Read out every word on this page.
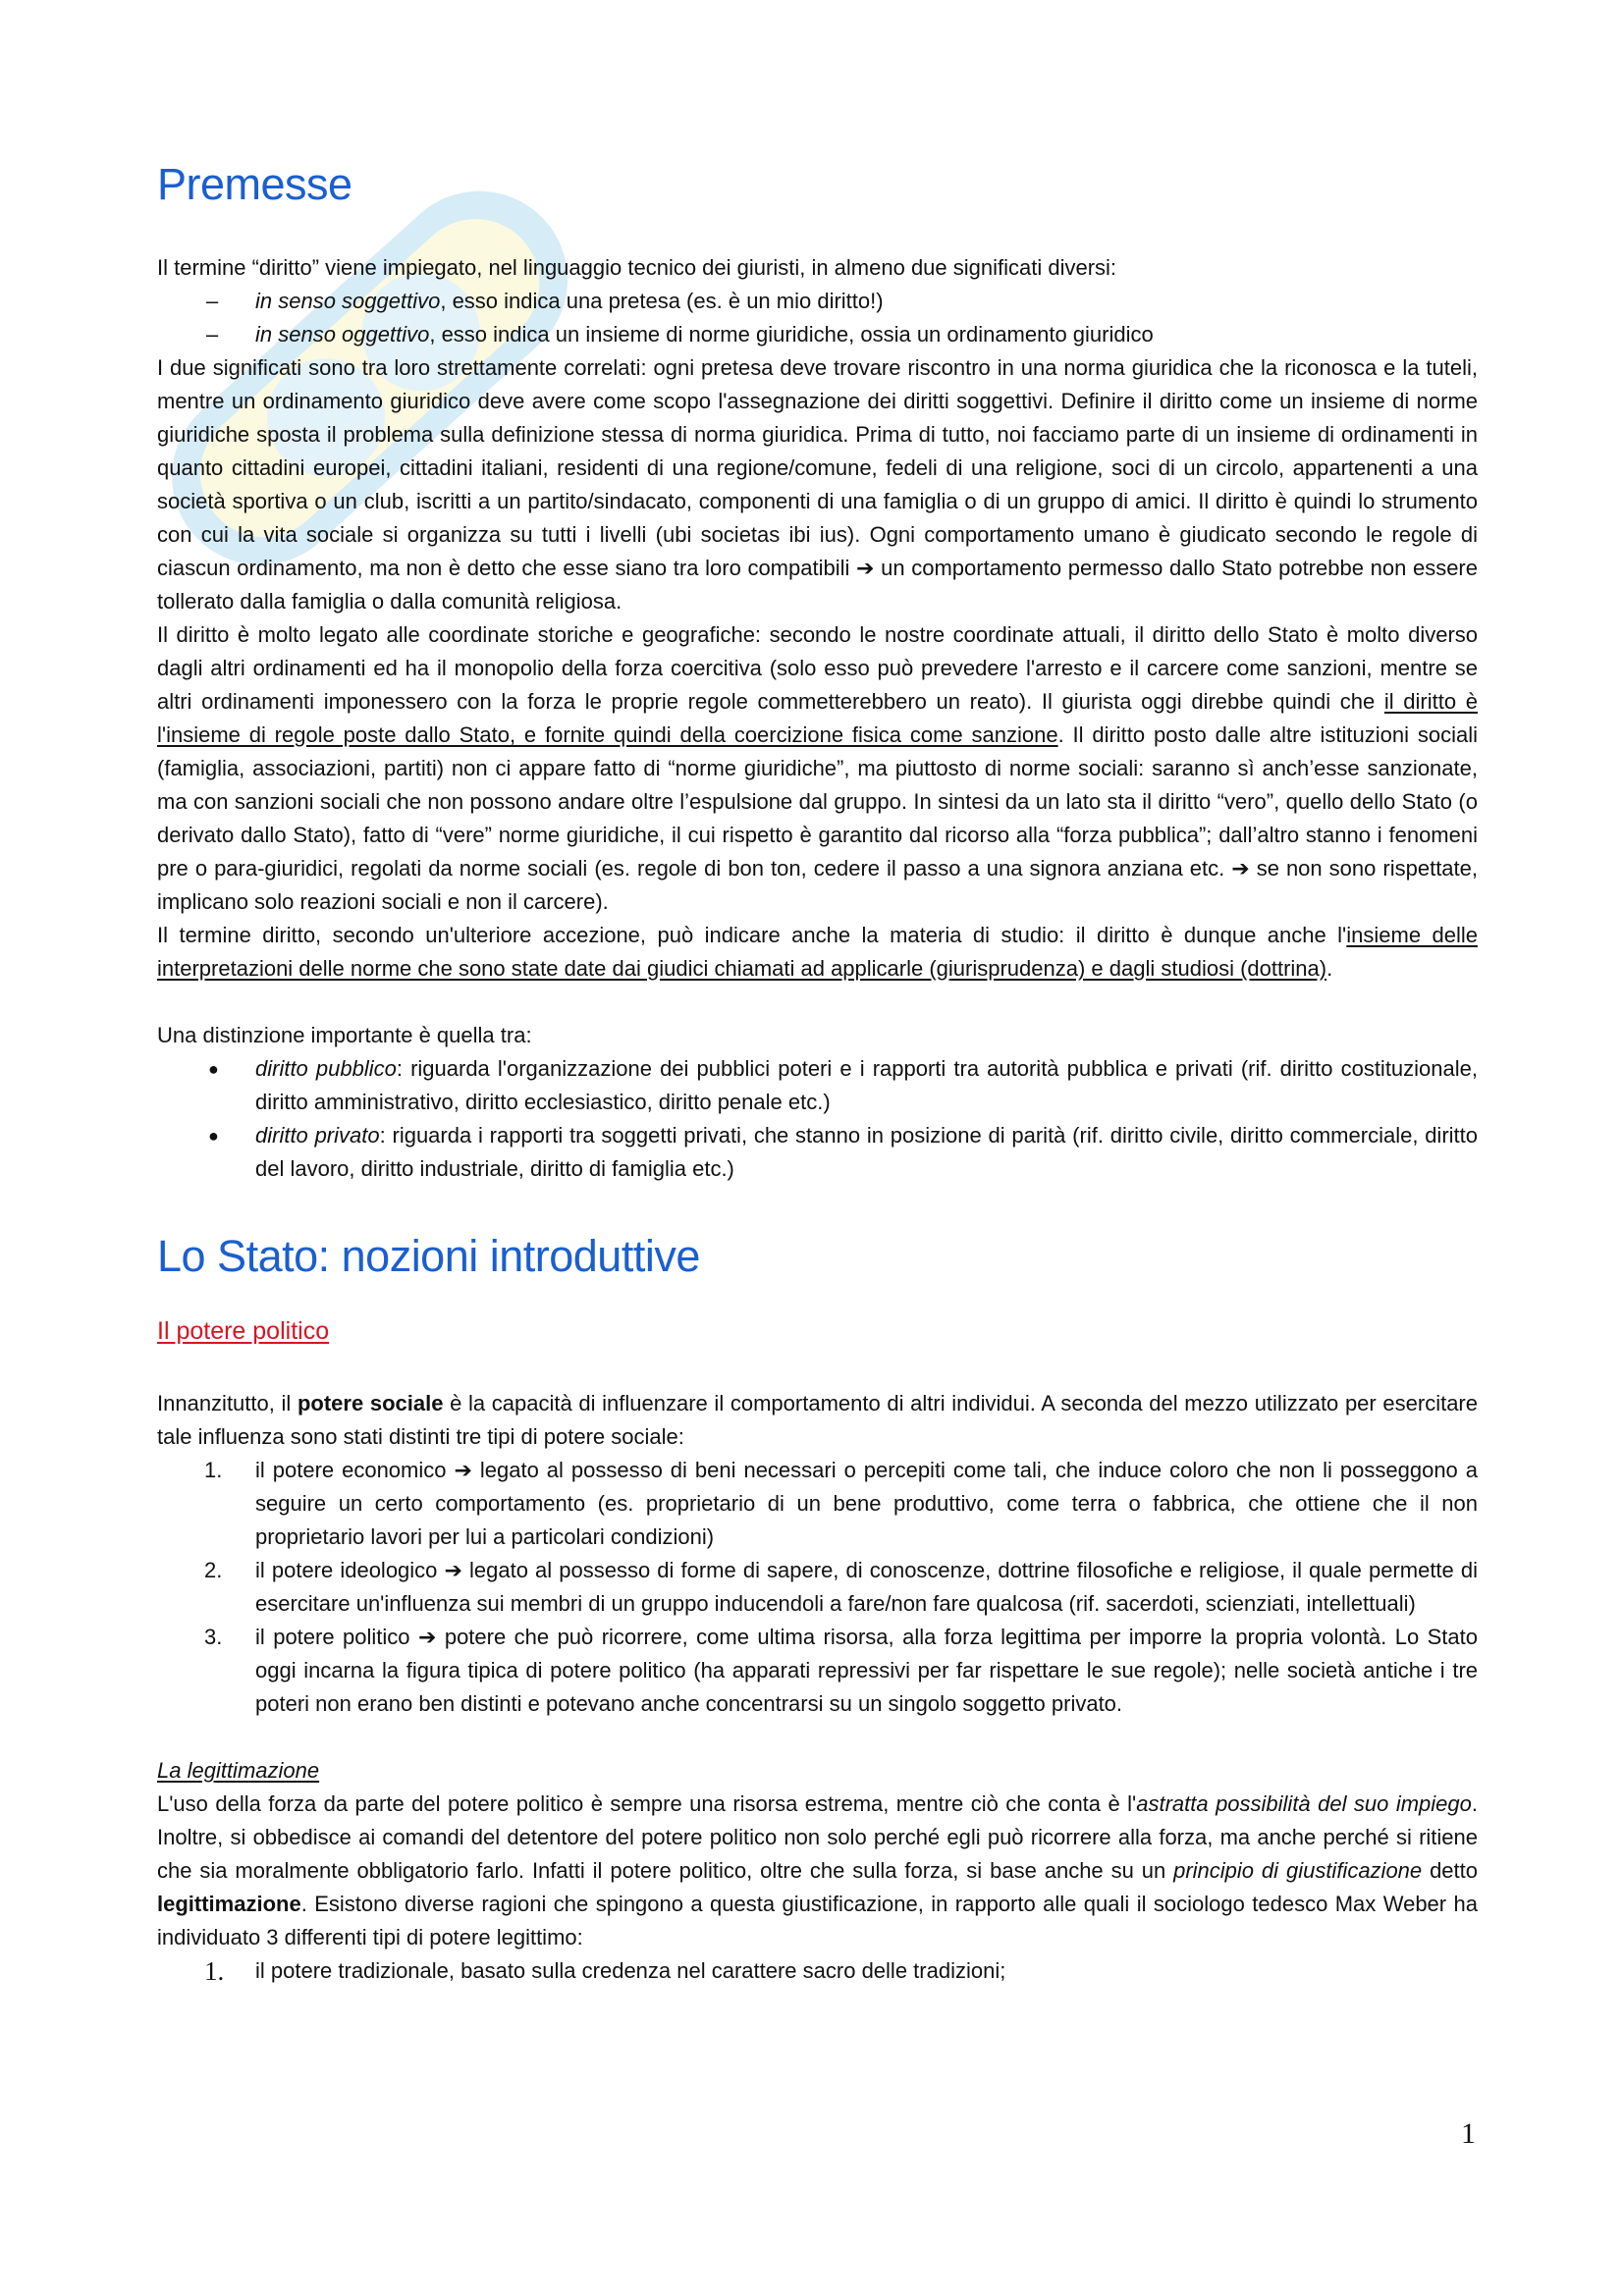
Premesse

Il termine “diritto” viene impiegato, nel linguaggio tecnico dei giuristi, in almeno due significati diversi:

– in senso soggettivo, esso indica una pretesa (es. è un mio diritto!)
– in senso oggettivo, esso indica un insieme di norme giuridiche, ossia un ordinamento giuridico

I due significati sono tra loro strettamente correlati: ogni pretesa deve trovare riscontro in una norma giuridica che la riconosca e la tuteli, mentre un ordinamento giuridico deve avere come scopo l'assegnazione dei diritti soggettivi. Definire il diritto come un insieme di norme giuridiche sposta il problema sulla definizione stessa di norma giuridica. Prima di tutto, noi facciamo parte di un insieme di ordinamenti in quanto cittadini europei, cittadini italiani, residenti di una regione/comune, fedeli di una religione, soci di un circolo, appartenenti a una società sportiva o un club, iscritti a un partito/sindacato, componenti di una famiglia o di un gruppo di amici. Il diritto è quindi lo strumento con cui la vita sociale si organizza su tutti i livelli (ubi societas ibi ius). Ogni comportamento umano è giudicato secondo le regole di ciascun ordinamento, ma non è detto che esse siano tra loro compatibili ➔ un comportamento permesso dallo Stato potrebbe non essere tollerato dalla famiglia o dalla comunità religiosa.

Il diritto è molto legato alle coordinate storiche e geografiche: secondo le nostre coordinate attuali, il diritto dello Stato è molto diverso dagli altri ordinamenti ed ha il monopolio della forza coercitiva (solo esso può prevedere l'arresto e il carcere come sanzioni, mentre se altri ordinamenti imponessero con la forza le proprie regole commetterebbero un reato). Il giurista oggi direbbe quindi che il diritto è l'insieme di regole poste dallo Stato, e fornite quindi della coercizione fisica come sanzione. Il diritto posto dalle altre istituzioni sociali (famiglia, associazioni, partiti) non ci appare fatto di “norme giuridiche”, ma piuttosto di norme sociali: saranno sì anch’esse sanzionate, ma con sanzioni sociali che non possono andare oltre l’espulsione dal gruppo. In sintesi da un lato sta il diritto “vero”, quello dello Stato (o derivato dallo Stato), fatto di “vere” norme giuridiche, il cui rispetto è garantito dal ricorso alla “forza pubblica”; dall’altro stanno i fenomeni pre o para-giuridici, regolati da norme sociali (es. regole di bon ton, cedere il passo a una signora anziana etc. ➔ se non sono rispettate, implicano solo reazioni sociali e non il carcere).

Il termine diritto, secondo un'ulteriore accezione, può indicare anche la materia di studio: il diritto è dunque anche l'insieme delle interpretazioni delle norme che sono state date dai giudici chiamati ad applicarle (giurisprudenza) e dagli studiosi (dottrina).

Una distinzione importante è quella tra:

● diritto pubblico: riguarda l'organizzazione dei pubblici poteri e i rapporti tra autorità pubblica e privati (rif. diritto costituzionale, diritto amministrativo, diritto ecclesiastico, diritto penale etc.)
● diritto privato: riguarda i rapporti tra soggetti privati, che stanno in posizione di parità (rif. diritto civile, diritto commerciale, diritto del lavoro, diritto industriale, diritto di famiglia etc.)
Lo Stato: nozioni introduttive
Il potere politico

Innanzitutto, il potere sociale è la capacità di influenzare il comportamento di altri individui. A seconda del mezzo utilizzato per esercitare tale influenza sono stati distinti tre tipi di potere sociale:

1. il potere economico ➔ legato al possesso di beni necessari o percepiti come tali, che induce coloro che non li posseggono a seguire un certo comportamento (es. proprietario di un bene produttivo, come terra o fabbrica, che ottiene che il non proprietario lavori per lui a particolari condizioni)
2. il potere ideologico ➔ legato al possesso di forme di sapere, di conoscenze, dottrine filosofiche e religiose, il quale permette di esercitare un'influenza sui membri di un gruppo inducendoli a fare/non fare qualcosa (rif. sacerdoti, scienziati, intellettuali)
3. il potere politico ➔ potere che può ricorrere, come ultima risorsa, alla forza legittima per imporre la propria volontà. Lo Stato oggi incarna la figura tipica di potere politico (ha apparati repressivi per far rispettare le sue regole); nelle società antiche i tre poteri non erano ben distinti e potevano anche concentrarsi su un singolo soggetto privato.
La legittimazione

L'uso della forza da parte del potere politico è sempre una risorsa estrema, mentre ciò che conta è l'astratta possibilità del suo impiego. Inoltre, si obbedisce ai comandi del detentore del potere politico non solo perché egli può ricorrere alla forza, ma anche perché si ritiene che sia moralmente obbligatorio farlo. Infatti il potere politico, oltre che sulla forza, si base anche su un principio di giustificazione detto legittimazione. Esistono diverse ragioni che spingono a questa giustificazione, in rapporto alle quali il sociologo tedesco Max Weber ha individuato 3 differenti tipi di potere legittimo:

1. il potere tradizionale, basato sulla credenza nel carattere sacro delle tradizioni;
1
